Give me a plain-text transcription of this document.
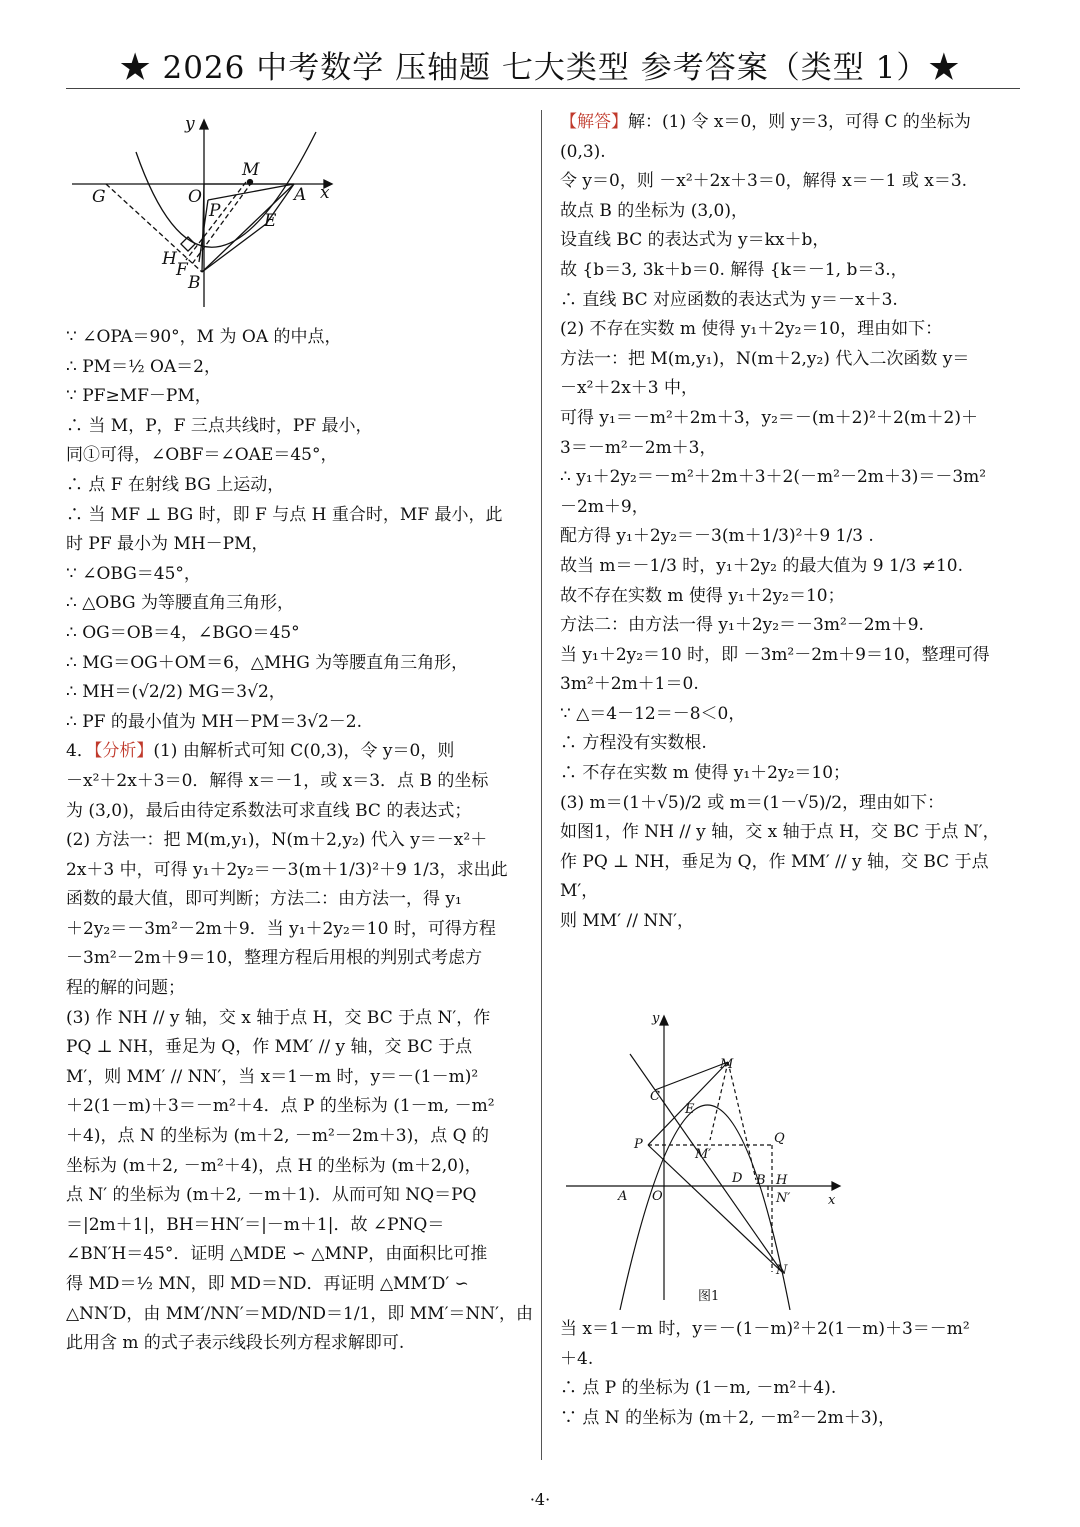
★ 2026 中考数学 压轴题 七大类型 参考答案（类型 1）★
y
x
M
G	O	A
P	E
H
F
B
∵ ∠OPA＝90°，M 为 OA 的中点，
∴ PM＝½ OA＝2，
∵ PF≥MF－PM，
∴ 当 M，P，F 三点共线时，PF 最小，
同①可得，∠OBF＝∠OAE＝45°，
∴ 点 F 在射线 BG 上运动，
∴ 当 MF ⊥ BG 时，即 F 与点 H 重合时，MF 最小，此
时 PF 最小为 MH－PM，
∵ ∠OBG＝45°，
∴ △OBG 为等腰直角三角形，
∴ OG＝OB＝4，∠BGO＝45°
∴ MG＝OG＋OM＝6，△MHG 为等腰直角三角形，
∴ MH＝(√2/2) MG＝3√2，
∴ PF 的最小值为 MH－PM＝3√2－2.
4．【分析】(1) 由解析式可知 C(0,3)，令 y＝0，则
－x²＋2x＋3＝0．解得 x＝－1，或 x＝3．点 B 的坐标
为 (3,0)，最后由待定系数法可求直线 BC 的表达式；
(2) 方法一：把 M(m,y₁)，N(m＋2,y₂) 代入 y＝－x²＋
2x＋3 中，可得 y₁＋2y₂＝－3(m＋1/3)²＋9 1/3，求出此
函数的最大值，即可判断；方法二：由方法一，得 y₁
＋2y₂＝－3m²－2m＋9．当 y₁＋2y₂＝10 时，可得方程
－3m²－2m＋9＝10，整理方程后用根的判别式考虑方
程的解的问题；
(3) 作 NH // y 轴，交 x 轴于点 H，交 BC 于点 N′，作
PQ ⊥ NH，垂足为 Q，作 MM′ // y 轴，交 BC 于点
M′，则 MM′ // NN′，当 x＝1－m 时，y＝－(1－m)²
＋2(1－m)＋3＝－m²＋4．点 P 的坐标为 (1－m, －m²
＋4)，点 N 的坐标为 (m＋2, －m²－2m＋3)，点 Q 的
坐标为 (m＋2, －m²＋4)，点 H 的坐标为 (m＋2,0)，
点 N′ 的坐标为 (m＋2, －m＋1)．从而可知 NQ＝PQ
＝|2m＋1|，BH＝HN′＝|－m＋1|．故 ∠PNQ＝
∠BN′H＝45°．证明 △MDE ∽ △MNP，由面积比可推
得 MD＝½ MN，即 MD＝ND．再证明 △MM′D′ ∽
△NN′D，由 MM′/NN′＝MD/ND＝1/1，即 MM′＝NN′，由
此用含 m 的式子表示线段长列方程求解即可.
【解答】解：(1) 令 x＝0，则 y＝3，可得 C 的坐标为
(0,3).
令 y＝0，则 －x²＋2x＋3＝0，解得 x＝－1 或 x＝3.
故点 B 的坐标为 (3,0)，
设直线 BC 的表达式为 y＝kx＋b，
故 {b＝3, 3k＋b＝0. 解得 {k＝－1, b＝3.，
∴ 直线 BC 对应函数的表达式为 y＝－x＋3.
(2) 不存在实数 m 使得 y₁＋2y₂＝10，理由如下：
方法一：把 M(m,y₁)，N(m＋2,y₂) 代入二次函数 y＝
－x²＋2x＋3 中，
可得 y₁＝－m²＋2m＋3，y₂＝－(m＋2)²＋2(m＋2)＋
3＝－m²－2m＋3，
∴ y₁＋2y₂＝－m²＋2m＋3＋2(－m²－2m＋3)＝－3m²
－2m＋9，
配方得 y₁＋2y₂＝－3(m＋1/3)²＋9 1/3 .
故当 m＝－1/3 时，y₁＋2y₂ 的最大值为 9 1/3 ≠10.
故不存在实数 m 使得 y₁＋2y₂＝10；
方法二：由方法一得 y₁＋2y₂＝－3m²－2m＋9.
当 y₁＋2y₂＝10 时，即 －3m²－2m＋9＝10，整理可得
3m²＋2m＋1＝0.
∵ △＝4－12＝－8＜0，
∴ 方程没有实数根.
∴ 不存在实数 m 使得 y₁＋2y₂＝10；
(3) m＝(1＋√5)/2 或 m＝(1－√5)/2，理由如下：
如图1，作 NH // y 轴，交 x 轴于点 H，交 BC 于点 N′，
作 PQ ⊥ NH，垂足为 Q，作 MM′ // y 轴，交 BC 于点
M′，
则 MM′ // NN′，
y
x
M
C
E
P	Q
M′
D B H
A O	N′
N
图1
当 x＝1－m 时，y＝－(1－m)²＋2(1－m)＋3＝－m²
＋4.
∴ 点 P 的坐标为 (1－m, －m²＋4).
∵ 点 N 的坐标为 (m＋2, －m²－2m＋3)，
·4·
